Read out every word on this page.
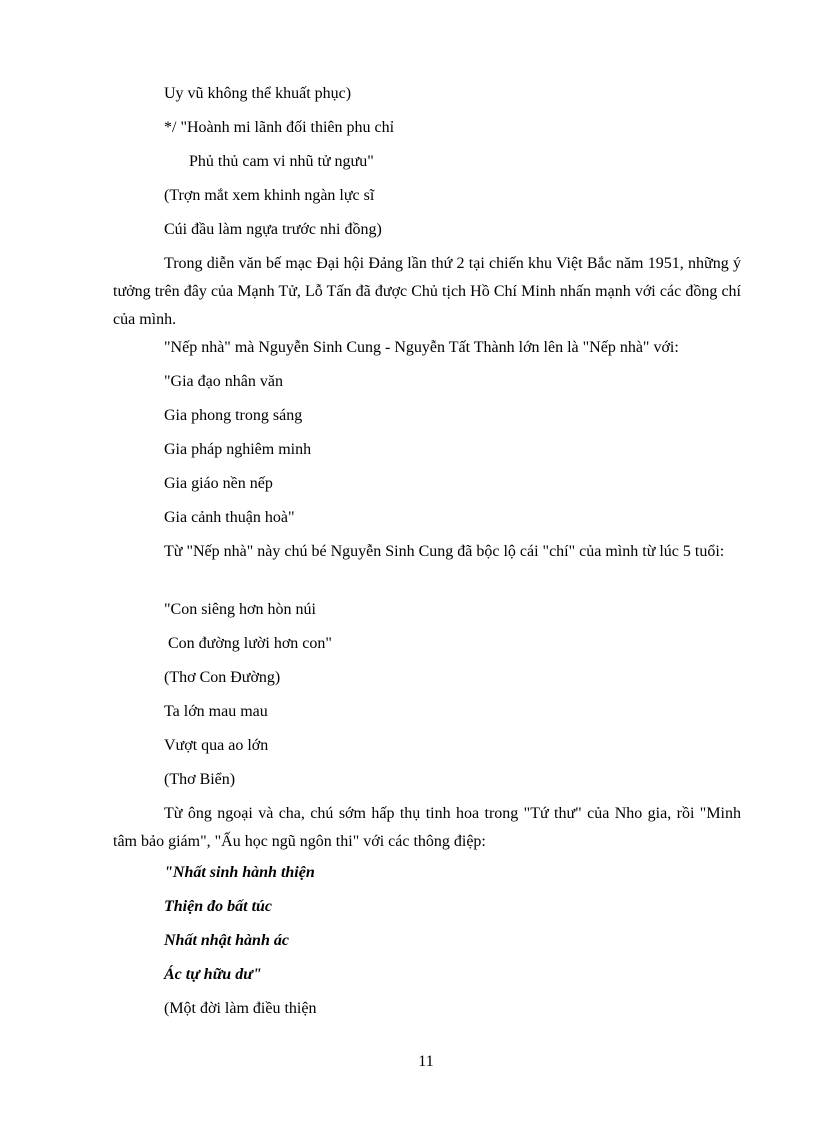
Uy vũ không thể khuất phục)
*/ "Hoành mi lãnh đối thiên phu chỉ
Phủ thủ cam vi nhũ tử ngưu"
(Trợn mắt xem khinh ngàn lực sĩ
Cúi đầu làm ngựa trước nhi đồng)
Trong diễn văn bế mạc Đại hội Đảng lần thứ 2 tại chiến khu Việt Bắc năm 1951, những ý tưởng trên đây của Mạnh Tử, Lỗ Tấn đã được Chủ tịch Hồ Chí Minh nhấn mạnh với các đồng chí của mình.
"Nếp nhà" mà Nguyễn Sinh Cung - Nguyễn Tất Thành lớn lên là "Nếp nhà" với:
"Gia đạo nhân văn
Gia phong trong sáng
Gia pháp nghiêm minh
Gia giáo nền nếp
Gia cảnh thuận hoà"
Từ "Nếp nhà" này chú bé Nguyễn Sinh Cung đã bộc lộ cái "chí" của mình từ lúc 5 tuổi:
"Con siêng hơn hòn núi
Con đường lười hơn con"
(Thơ Con Đường)
Ta lớn mau mau
Vượt qua ao lớn
(Thơ Biển)
Từ ông ngoại và cha, chú sớm hấp thụ tinh hoa trong "Tứ thư" của Nho gia, rồi "Minh tâm bảo giám", "Ấu học ngũ ngôn thi" với các thông điệp:
"Nhất sinh hành thiện
Thiện đo bất túc
Nhất nhật hành ác
Ác tự hữu dư"
(Một đời làm điều thiện
11
